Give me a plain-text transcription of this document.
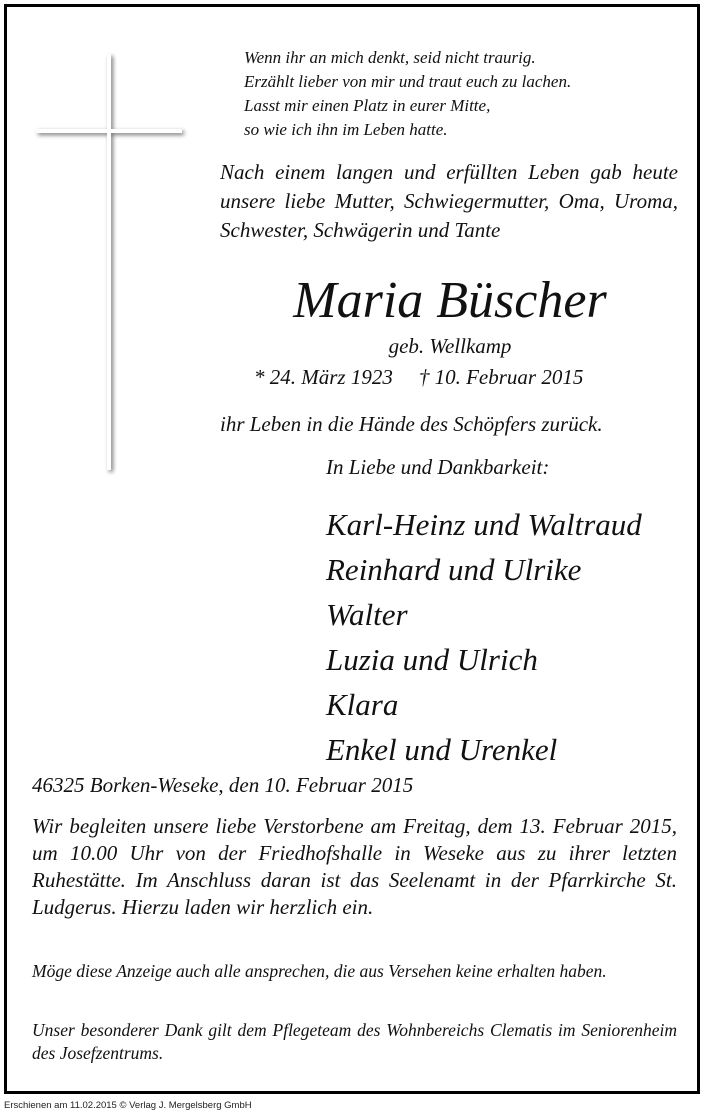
Wenn ihr an mich denkt, seid nicht traurig.
Erzählt lieber von mir und traut euch zu lachen.
Lasst mir einen Platz in eurer Mitte,
so wie ich ihn im Leben hatte.
Nach einem langen und erfüllten Leben gab heute unsere liebe Mutter, Schwiegermutter, Oma, Uroma, Schwester, Schwägerin und Tante
Maria Büscher
geb. Wellkamp
* 24. März 1923 † 10. Februar 2015
ihr Leben in die Hände des Schöpfers zurück.
In Liebe und Dankbarkeit:
Karl-Heinz und Waltraud
Reinhard und Ulrike
Walter
Luzia und Ulrich
Klara
Enkel und Urenkel
46325 Borken-Weseke, den 10. Februar 2015
Wir begleiten unsere liebe Verstorbene am Freitag, dem 13. Februar 2015, um 10.00 Uhr von der Friedhofshalle in Weseke aus zu ihrer letzten Ruhestätte. Im Anschluss daran ist das Seelenamt in der Pfarrkirche St. Ludgerus. Hierzu laden wir herzlich ein.
Möge diese Anzeige auch alle ansprechen, die aus Versehen keine erhalten haben.
Unser besonderer Dank gilt dem Pflegeteam des Wohnbereichs Clematis im Seniorenheim des Josefzentrums.
Erschienen am 11.02.2015 © Verlag J. Mergelsberg GmbH
